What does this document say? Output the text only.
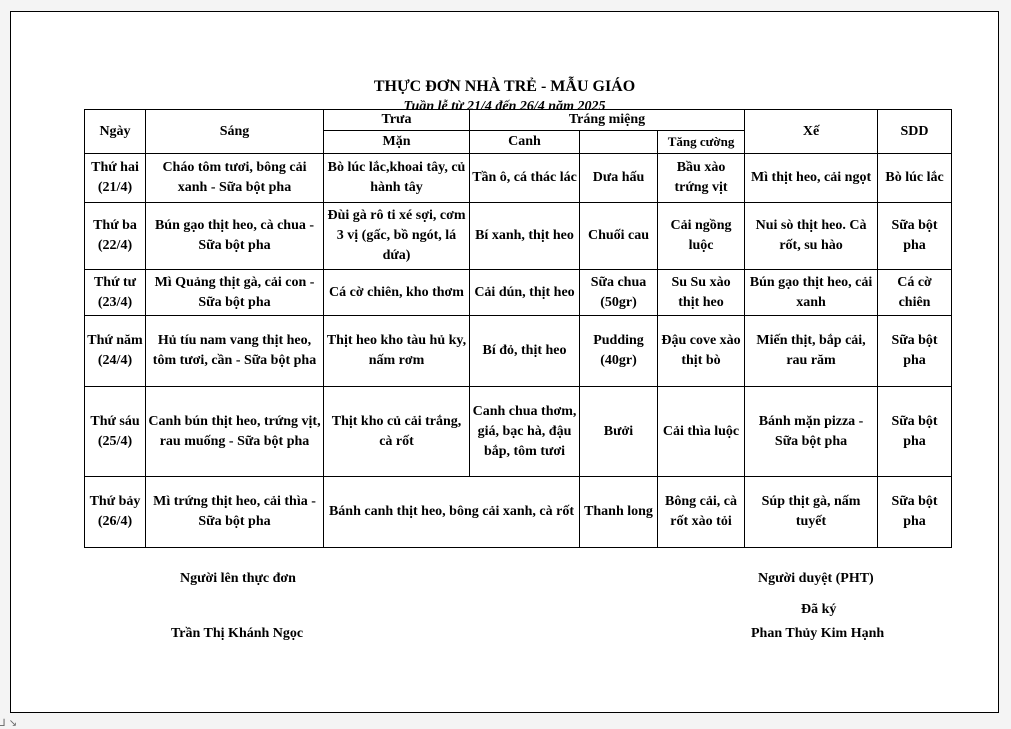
THỰC ĐƠN NHÀ TRẺ - MẪU GIÁO
Tuần lễ từ 21/4 đến 26/4 năm 2025
Ngày	Sáng	Trưa	Tráng miệng			Xế	SDD
		Mặn	Canh		Tăng cường		
Thứ hai (21/4)	Cháo tôm tươi, bông cải xanh - Sữa bột pha	Bò lúc lắc,khoai tây, củ hành tây	Tần ô, cá thác lác	Dưa hấu	Bầu xào trứng vịt	Mì thịt heo, cải ngọt	Bò lúc lắc
Thứ ba (22/4)	Bún gạo thịt heo, cà chua - Sữa bột pha	Đùi gà rô ti xé sợi, cơm 3 vị (gấc, bồ ngót, lá dứa)	Bí xanh, thịt heo	Chuối cau	Cải ngồng luộc	Nui sò thịt heo. Cà rốt, su hào	Sữa bột pha
Thứ tư (23/4)	Mì Quảng thịt gà, cải con - Sữa bột pha	Cá cờ chiên, kho thơm	Cải dún, thịt heo	Sữa chua (50gr)	Su Su xào thịt heo	Bún gạo thịt heo, cải xanh	Cá cờ chiên
Thứ năm (24/4)	Hủ tíu nam vang thịt heo, tôm tươi, cần - Sữa bột pha	Thịt heo kho tàu hủ ky, nấm rơm	Bí đỏ, thịt heo	Pudding (40gr)	Đậu cove xào thịt bò	Miến thịt, bắp cải, rau răm	Sữa bột pha
Thứ sáu (25/4)	Canh bún thịt heo, trứng vịt, rau muống - Sữa bột pha	Thịt kho củ cải trắng, cà rốt	Canh chua thơm, giá, bạc hà, đậu bắp, tôm tươi	Bưởi	Cải thìa luộc	Bánh mặn pizza - Sữa bột pha	Sữa bột pha
Thứ bảy (26/4)	Mì trứng thịt heo, cải thìa - Sữa bột pha	Bánh canh thịt heo, bông cải xanh, cà rốt		Thanh long	Bông cải, cà rốt xào tỏi	Súp thịt gà, nấm tuyết	Sữa bột pha
Người lên thực đơn
Trần Thị Khánh Ngọc
Người duyệt (PHT)
Đã ký
Phan Thủy Kim Hạnh
⅃ ↘
